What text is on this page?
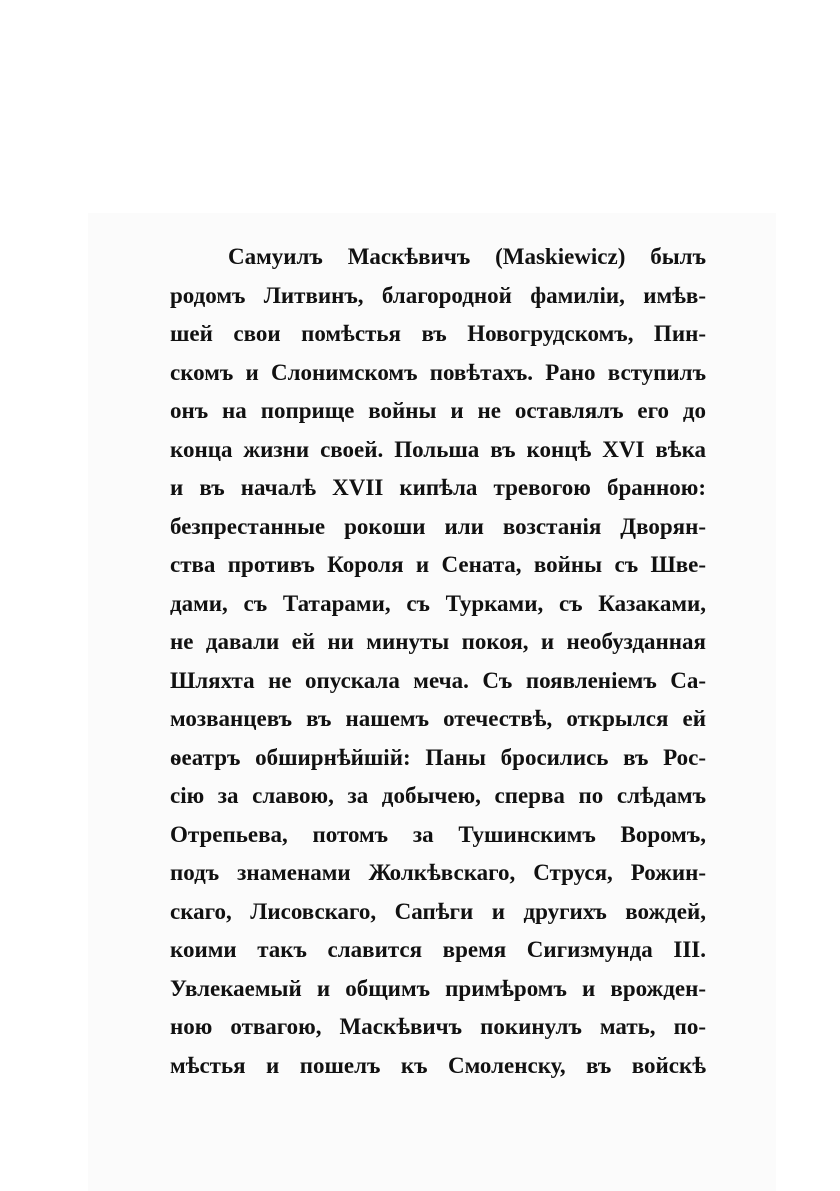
Самуилъ Маскѣвичъ (Maskiewicz) былъ
родомъ Литвинъ, благородной фамиліи, имѣв-
шей свои помѣстья въ Новогрудскомъ, Пин-
скомъ и Слонимскомъ повѣтахъ. Рано вступилъ
онъ на поприще войны и не оставлялъ его до
конца жизни своей. Польша въ концѣ XVI вѣка
и въ началѣ XVII кипѣла тревогою бранною:
безпрестанные рокоши или возстанія Дворян-
ства противъ Короля и Сената, войны съ Шве-
дами, съ Татарами, съ Турками, съ Казаками,
не давали ей ни минуты покоя, и необузданная
Шляхта не опускала меча. Съ появленіемъ Са-
мозванцевъ въ нашемъ отечествѣ, открылся ей
ѳеатръ обширнѣйшій: Паны бросились въ Рос-
сію за славою, за добычею, сперва по слѣдамъ
Отрепьева, потомъ за Тушинскимъ Воромъ,
подъ знаменами Жолкѣвскаго, Струся, Рожин-
скаго, Лисовскаго, Сапѣги и другихъ вождей,
коими такъ славится время Сигизмунда III.
Увлекаемый и общимъ примѣромъ и врожден-
ною отвагою, Маскѣвичъ покинулъ мать, по-
мѣстья и пошелъ къ Смоленску, въ войскѣ
